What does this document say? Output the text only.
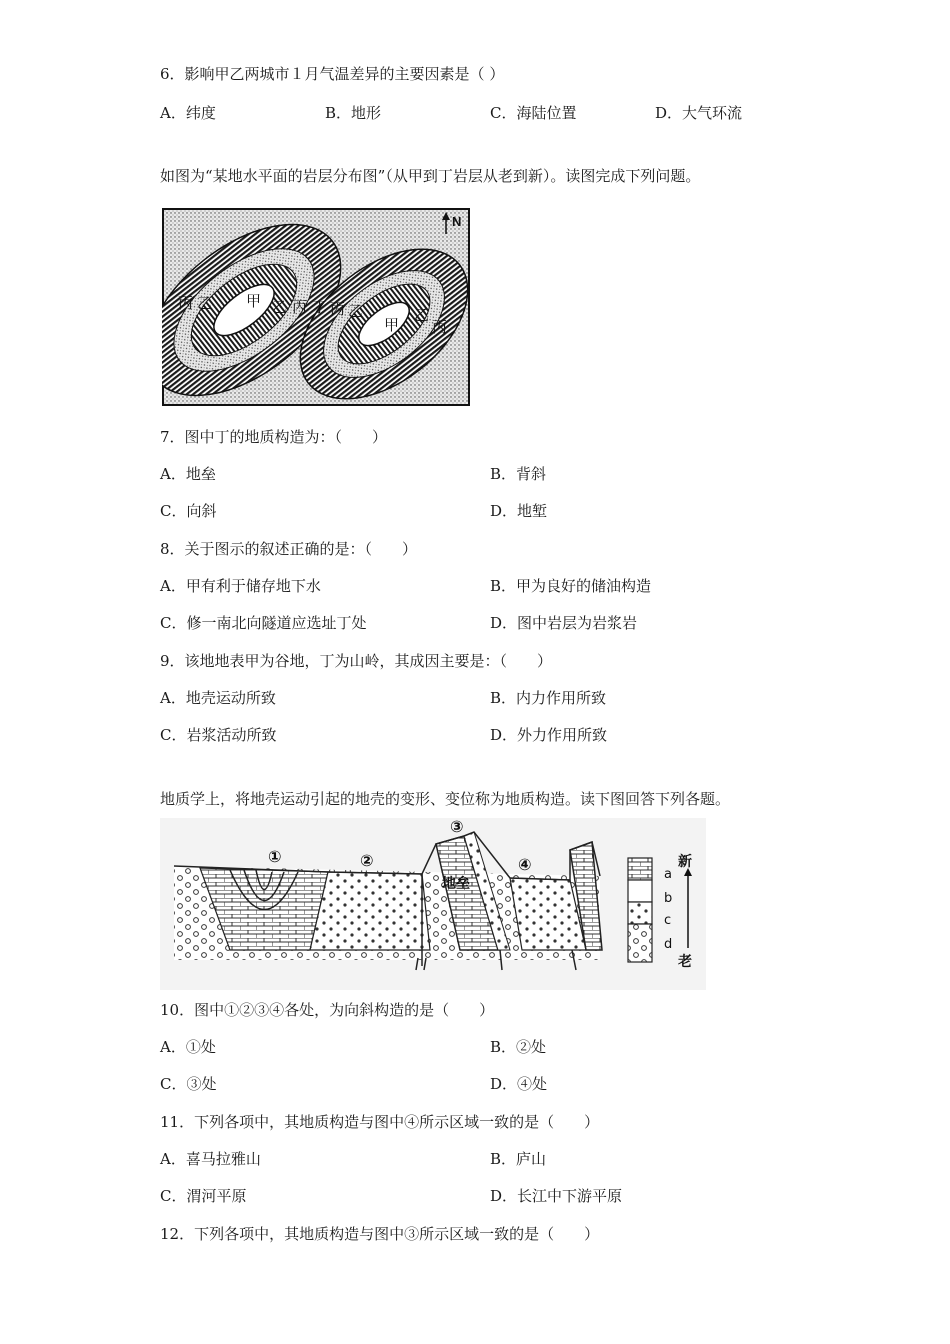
6．影响甲乙两城市１月气温差异的主要因素是（ ）
A．纬度	B．地形	C．海陆位置	D．大气环流
如图为“某地水平面的岩层分布图”（从甲到丁岩层从老到新）。读图完成下列问题。
N
丙 乙 甲 乙 丙 丁 丙 乙
甲
乙
丙
7．图中丁的地质构造为：（　　）
A．地垒	B．背斜
C．向斜	D．地堑
8．关于图示的叙述正确的是：（　　）
A．甲有利于储存地下水	B．甲为良好的储油构造
C．修一南北向隧道应选址丁处	D．图中岩层为岩浆岩
9．该地地表甲为谷地，丁为山岭，其成因主要是：（　　）
A．地壳运动所致	B．内力作用所致
C．岩浆活动所致	D．外力作用所致
地质学上，将地壳运动引起的地壳的变形、变位称为地质构造。读下图回答下列各题。
①	②
③
④
地垒
a
b
c
d
新
老
10．图中①②③④各处，为向斜构造的是（　　）
A．①处	B．②处
C．③处	D．④处
11．下列各项中，其地质构造与图中④所示区域一致的是（　　）
A．喜马拉雅山	B．庐山
C．渭河平原	D．长江中下游平原
12．下列各项中，其地质构造与图中③所示区域一致的是（　　）
